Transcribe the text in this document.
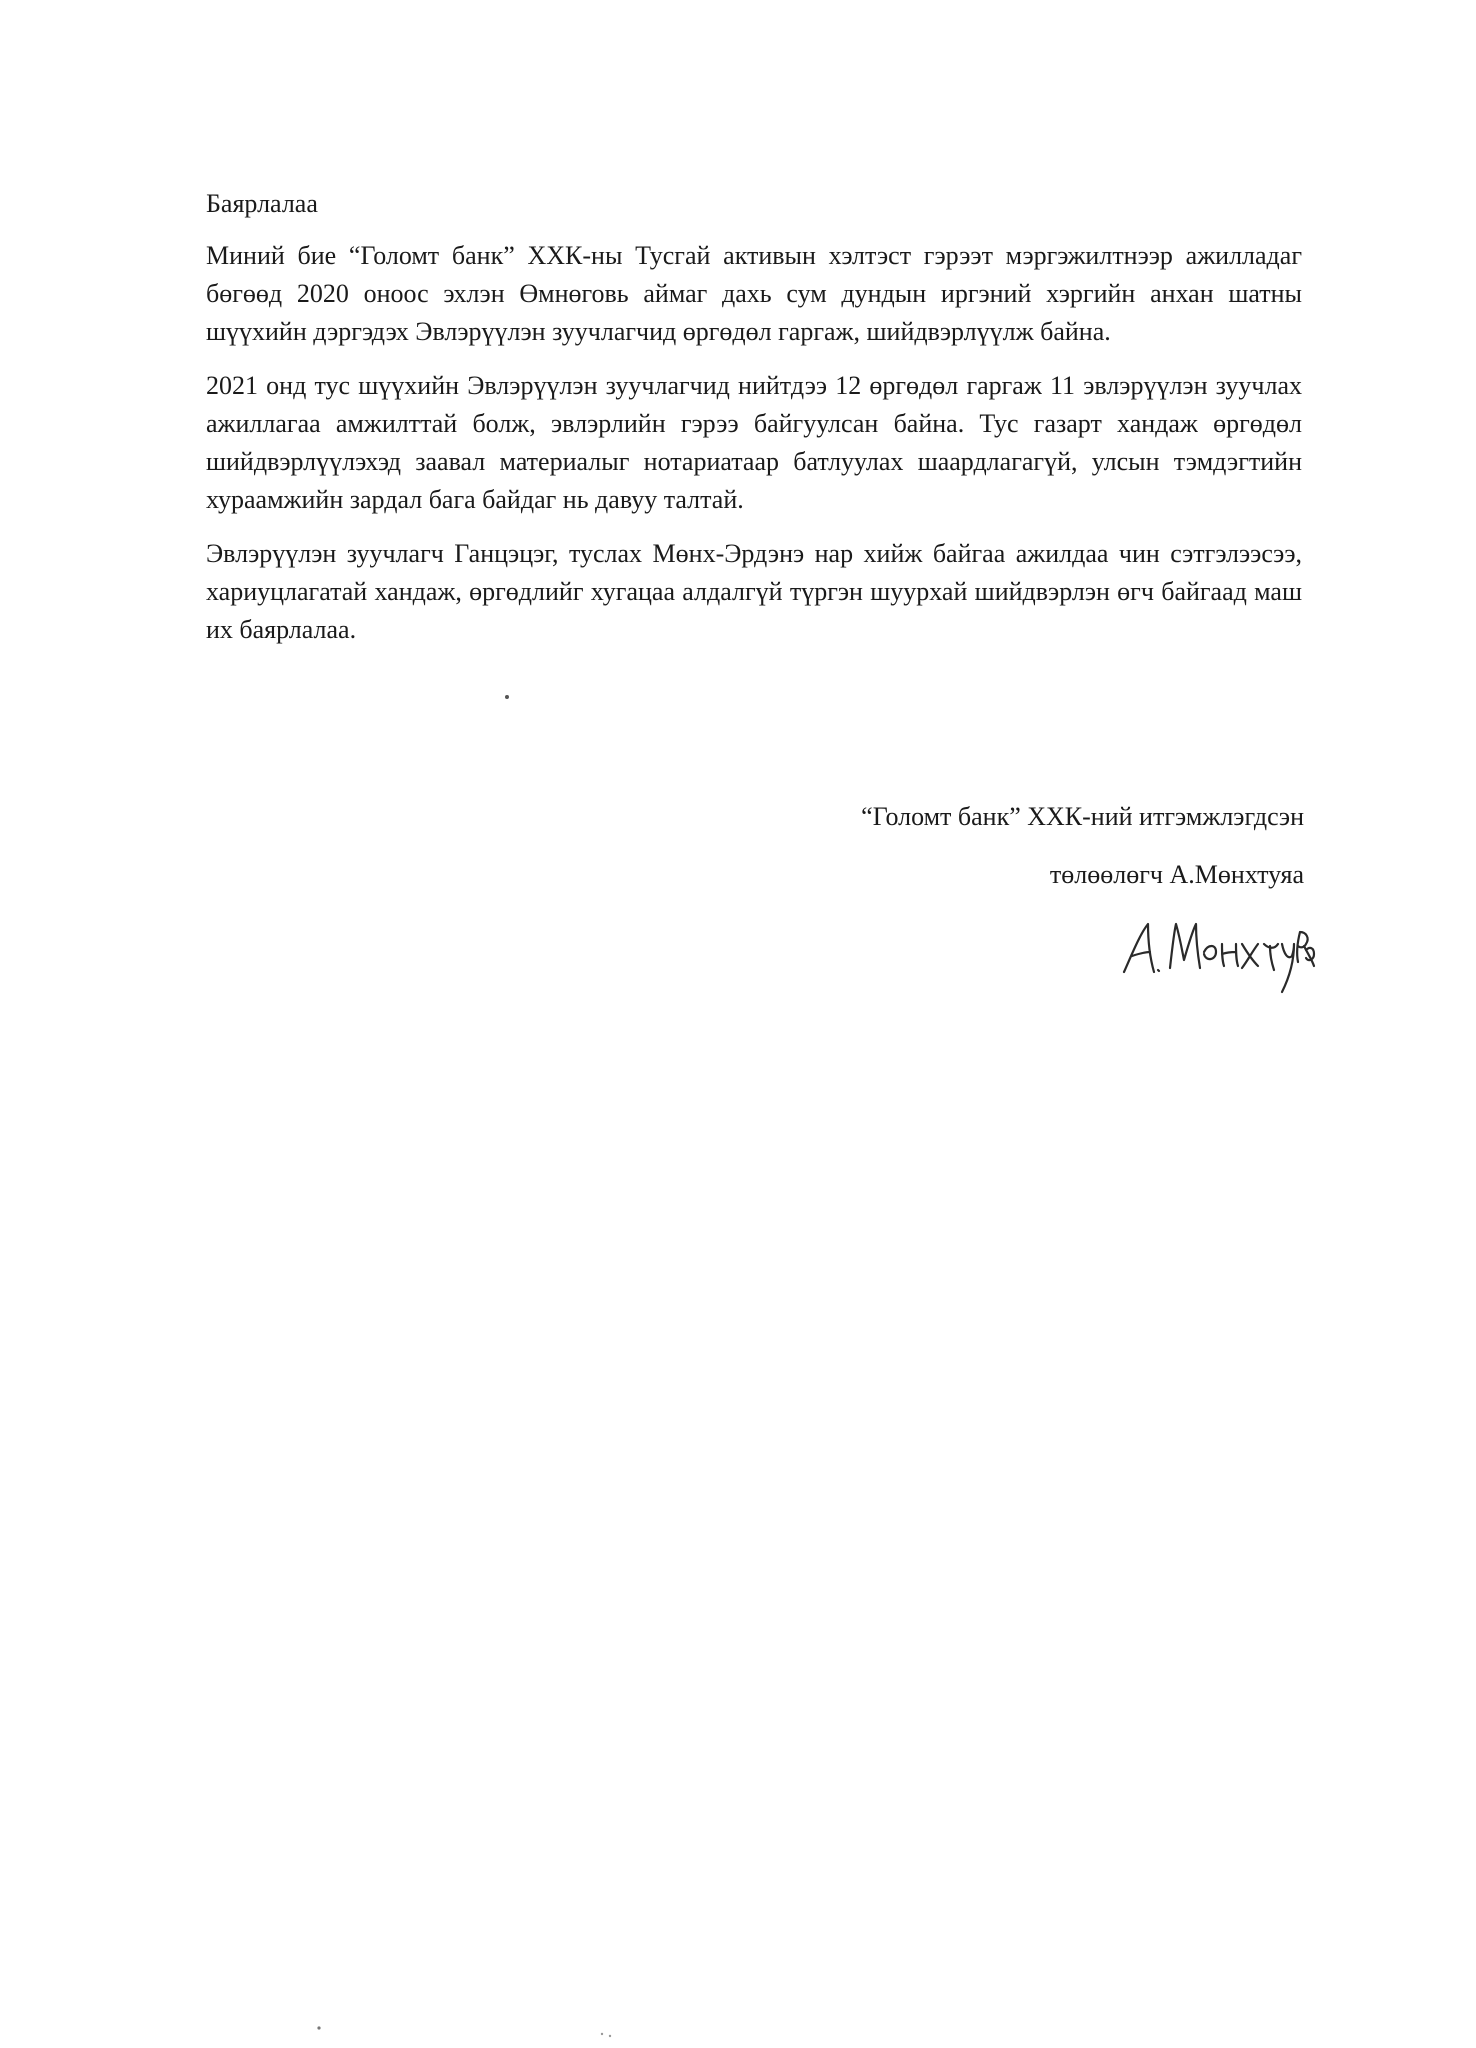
Баярлалаа

Миний бие “Голомт банк” ХХК-ны Тусгай активын хэлтэст гэрээт мэргэжилтнээр ажилладаг бөгөөд 2020 оноос эхлэн Өмнөговь аймаг дахь сум дундын иргэний хэргийн анхан шатны шүүхийн дэргэдэх Эвлэрүүлэн зуучлагчид өргөдөл гаргаж, шийдвэрлүүлж байна.

2021 онд тус шүүхийн Эвлэрүүлэн зуучлагчид нийтдээ 12 өргөдөл гаргаж 11 эвлэрүүлэн зуучлах ажиллагаа амжилттай болж, эвлэрлийн гэрээ байгуулсан байна. Тус газарт хандаж өргөдөл шийдвэрлүүлэхэд заавал материалыг нотариатаар батлуулах шаардлагагүй, улсын тэмдэгтийн хураамжийн зардал бага байдаг нь давуу талтай.

Эвлэрүүлэн зуучлагч Ганцэцэг, туслах Мөнх-Эрдэнэ нар хийж байгаа ажилдаа чин сэтгэлээсээ, хариуцлагатай хандаж, өргөдлийг хугацаа алдалгүй түргэн шуурхай шийдвэрлэн өгч байгаад маш их баярлалаа.

“Голомт банк” ХХК-ний итгэмжлэгдсэн

төлөөлөгч А.Мөнхтуяа
